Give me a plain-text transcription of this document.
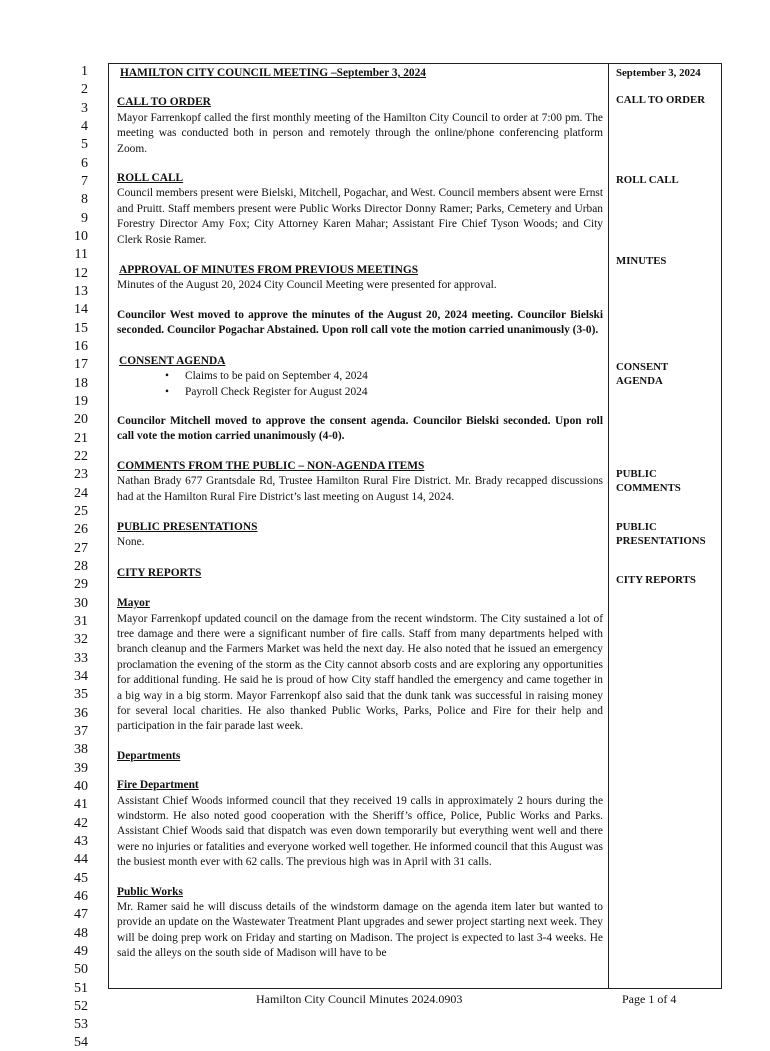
1
2
3
4
5
6
7
8
9
10
11
12
13
14
15
16
17
18
19
20
21
22
23
24
25
26
27
28
29
30
31
32
33
34
35
36
37
38
39
40
41
42
43
44
45
46
47
48
49
50
51
52
53
54

HAMILTON CITY COUNCIL MEETING –September 3, 2024

CALL TO ORDER

Mayor Farrenkopf called the first monthly meeting of the Hamilton City Council to order at 7:00 pm. The meeting was conducted both in person and remotely through the online/phone conferencing platform Zoom.

ROLL CALL

Council members present were Bielski, Mitchell, Pogachar, and West. Council members absent were Ernst and Pruitt. Staff members present were Public Works Director Donny Ramer; Parks, Cemetery and Urban Forestry Director Amy Fox; City Attorney Karen Mahar; Assistant Fire Chief Tyson Woods; and City Clerk Rosie Ramer.

APPROVAL OF MINUTES FROM PREVIOUS MEETINGS

Minutes of the August 20, 2024 City Council Meeting were presented for approval.

Councilor West moved to approve the minutes of the August 20, 2024 meeting. Councilor Bielski seconded. Councilor Pogachar Abstained. Upon roll call vote the motion carried unanimously (3-0).

CONSENT AGENDA

• Claims to be paid on September 4, 2024
• Payroll Check Register for August 2024

Councilor Mitchell moved to approve the consent agenda. Councilor Bielski seconded. Upon roll call vote the motion carried unanimously (4-0).

COMMENTS FROM THE PUBLIC – NON-AGENDA ITEMS

Nathan Brady 677 Grantsdale Rd, Trustee Hamilton Rural Fire District. Mr. Brady recapped discussions had at the Hamilton Rural Fire District’s last meeting on August 14, 2024.

PUBLIC PRESENTATIONS

None.

CITY REPORTS

Mayor

Mayor Farrenkopf updated council on the damage from the recent windstorm. The City sustained a lot of tree damage and there were a significant number of fire calls. Staff from many departments helped with branch cleanup and the Farmers Market was held the next day. He also noted that he issued an emergency proclamation the evening of the storm as the City cannot absorb costs and are exploring any opportunities for additional funding. He said he is proud of how City staff handled the emergency and came together in a big way in a big storm. Mayor Farrenkopf also said that the dunk tank was successful in raising money for several local charities. He also thanked Public Works, Parks, Police and Fire for their help and participation in the fair parade last week.

Departments

Fire Department

Assistant Chief Woods informed council that they received 19 calls in approximately 2 hours during the windstorm. He also noted good cooperation with the Sheriff’s office, Police, Public Works and Parks. Assistant Chief Woods said that dispatch was even down temporarily but everything went well and there were no injuries or fatalities and everyone worked well together. He informed council that this August was the busiest month ever with 62 calls. The previous high was in April with 31 calls.

Public Works

Mr. Ramer said he will discuss details of the windstorm damage on the agenda item later but wanted to provide an update on the Wastewater Treatment Plant upgrades and sewer project starting next week. They will be doing prep work on Friday and starting on Madison. The project is expected to last 3-4 weeks. He said the alleys on the south side of Madison will have to be

September 3, 2024
CALL TO ORDER
ROLL CALL
MINUTES
CONSENT AGENDA
PUBLIC COMMENTS
PUBLIC PRESENTATIONS
CITY REPORTS
Hamilton City Council Minutes 2024.0903	Page 1 of 4
